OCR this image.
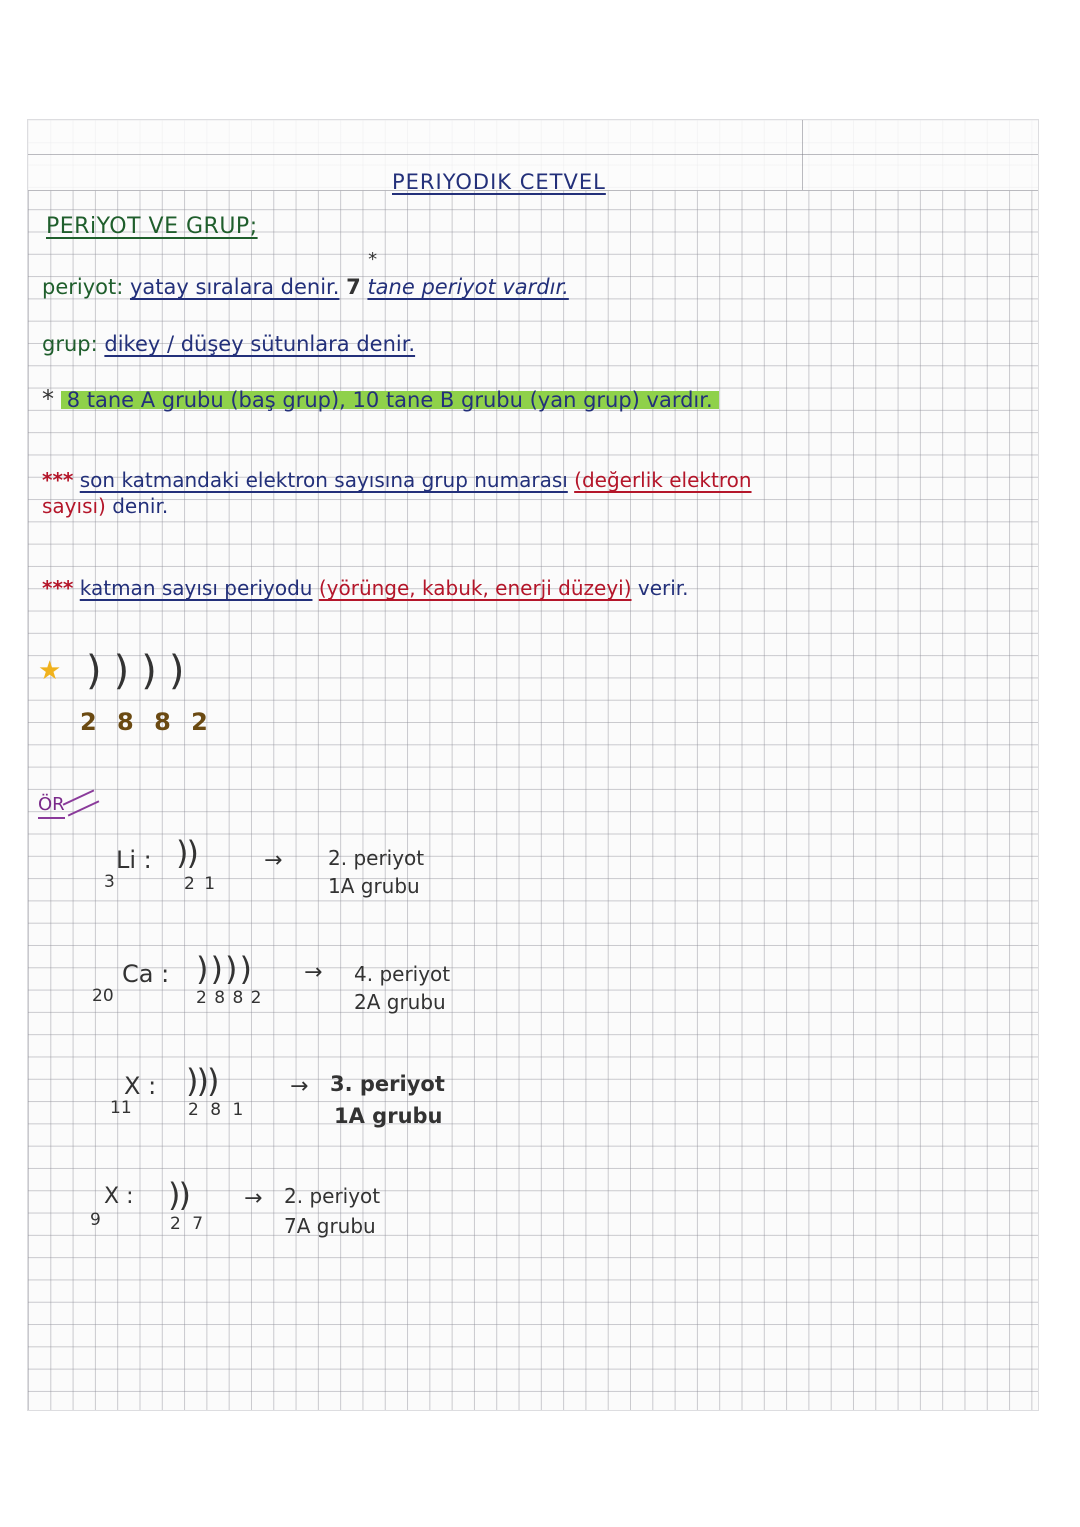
PERIYODIK CETVEL
PERiYOT VE GRUP;
periyot: yatay sıralara denir.
*
7 tane periyot vardır.
grup: dikey / düşey sütunlara denir.
* 8 tane A grubu (baş grup), 10 tane B grubu (yan grup) vardır.
*** son katmandaki elektron sayısına grup numarası (değerlik elektron
sayısı) denir.
*** katman sayısı periyodu (yörünge, kabuk, enerji düzeyi) verir.
★ ))))
2 8 8 2
ÖR
3
Li : ))
2 1
→ 2. periyot
1A grubu
20
Ca : ))))
2 8 8 2
→ 4. periyot
2A grubu
11
X : )))
2 8 1
→ 3. periyot
1A grubu
9
X : ))
2 7
→ 2. periyot
7A grubu
